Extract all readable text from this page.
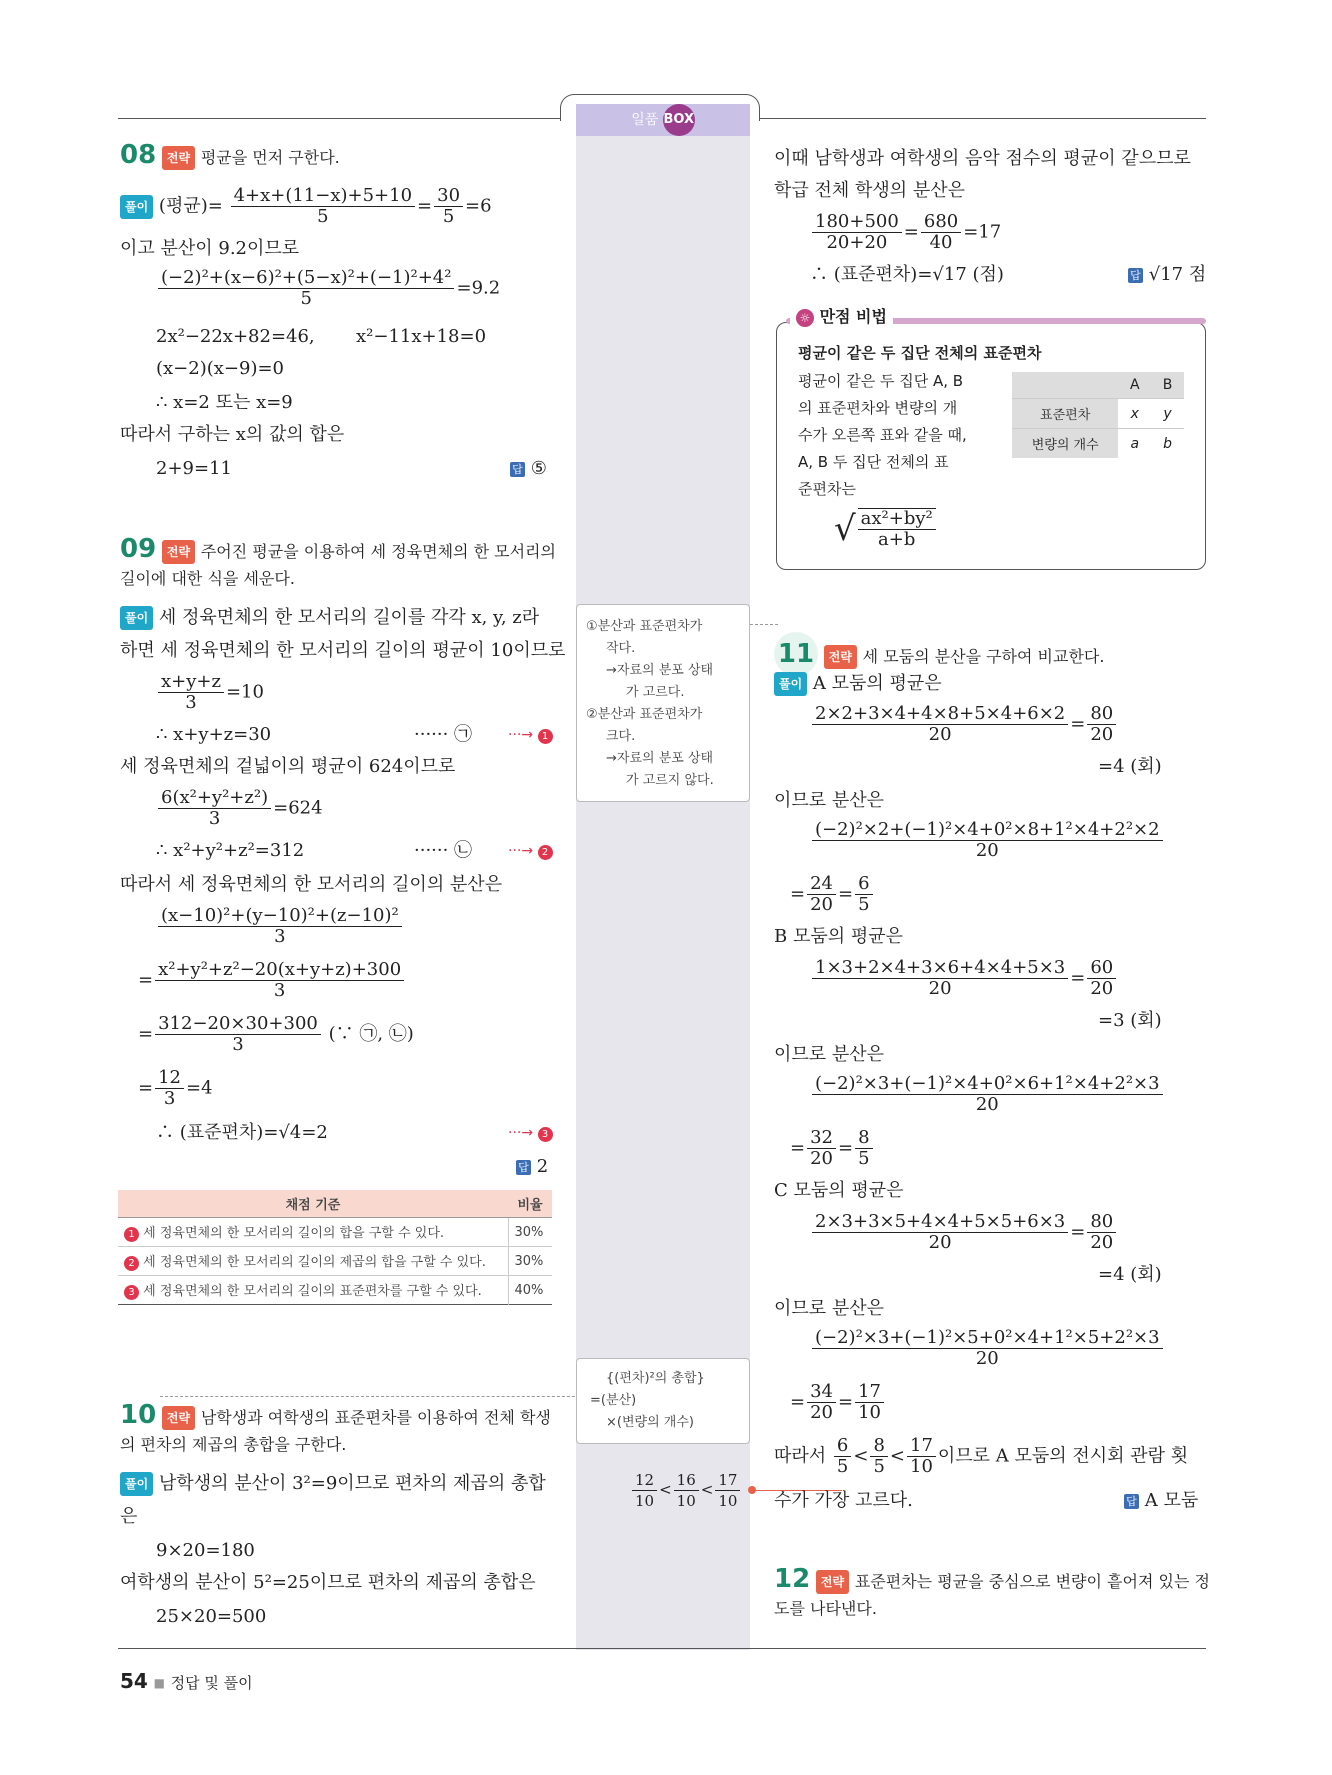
일품 BOX
08 전략 평균을 먼저 구한다.
풀이 (평균)= $\frac{4+x+(11-x)+5+10}{5} = \frac{30}{5} =6$
이고 분산이 9.2이므로
$\frac{\text{(−2)²+(x−6)²+(5−x)²+(−1)²+4²}}{5} =9.2$
2x²−22x+82=46, x²−11x+18=0
(x−2)(x−9)=0
∴ x=2 또는 x=9
따라서 구하는 x의 값의 합은
2+9=11	답 ⑤
09 전략 주어진 평균을 이용하여 세 정육면체의 한 모서리의
길이에 대한 식을 세운다.
풀이 세 정육면체의 한 모서리의 길이를 각각 x, y, z라
하면 세 정육면체의 한 모서리의 길이의 평균이 10이므로
$\frac{x+y+z}{3} =10$
∴ x+y+z=30	······ ㉠	···→ 1
세 정육면체의 겉넓이의 평균이 624이므로
$\frac{\text{6(x²+y²+z²)}}{3} =624$
∴ x²+y²+z²=312	······ ㉡	···→ 2
따라서 세 정육면체의 한 모서리의 길이의 분산은
$\frac{\text{(x−10)²+(y−10)²+(z−10)²}}{3}$
= $\frac{\text{x²+y²+z²−20(x+y+z)+300}}{3}$
= $\frac{312-20\times 30+300}{3}$ (∵ ㉠, ㉡)
= $\frac{12}{3} =4$
∴ (표준편차)=√4=2	···→ 3
답 2
채점 기준	비율
1 세 정육면체의 한 모서리의 길이의 합을 구할 수 있다.	30%
2 세 정육면체의 한 모서리의 길이의 제곱의 합을 구할 수 있다.	30%
3 세 정육면체의 한 모서리의 길이의 표준편차를 구할 수 있다.	40%
10 전략 남학생과 여학생의 표준편차를 이용하여 전체 학생
의 편차의 제곱의 총합을 구한다.
풀이 남학생의 분산이 3²=9이므로 편차의 제곱의 총합
은
9×20=180
여학생의 분산이 5²=25이므로 편차의 제곱의 총합은
25×20=500
이때 남학생과 여학생의 음악 점수의 평균이 같으므로
학급 전체 학생의 분산은
$\frac{180+500}{20+20} = \frac{680}{40} =17$
∴ (표준편차)=√17 (점)	답 √17 점
☼ 만점 비법
평균이 같은 두 집단 전체의 표준편차
평균이 같은 두 집단 A, B
의 표준편차와 변량의 개
수가 오른쪽 표와 같을 때,
A, B 두 집단 전체의 표
준편차는
√ $\frac{\text{ax²+by²}}{a+b}$
	A	B
표준편차	x	y
변량의 개수	a	b
①분산과 표준편차가
작다.
→자료의 분포 상태
가 고르다.
②분산과 표준편차가
크다.
→자료의 분포 상태
가 고르지 않다.
{(편차)²의 총합}
=(분산)
×(변량의 개수)
$\frac{12}{10} < \frac{16}{10} < \frac{17}{10}$
11 전략 세 모둠의 분산을 구하여 비교한다.
풀이 A 모둠의 평균은
$\frac{2\times 2+3\times 4+4\times 8+5\times 4+6\times 2}{20} = \frac{80}{20}$
=4 (회)
이므로 분산은
$\frac{\text{(−2)²×2+(−1)²×4+0²×8+1²×4+2²×2}}{20}$
= $\frac{24}{20} = \frac{6}{5}$
B 모둠의 평균은
$\frac{1\times 3+2\times 4+3\times 6+4\times 4+5\times 3}{20} = \frac{60}{20}$
=3 (회)
이므로 분산은
$\frac{\text{(−2)²×3+(−1)²×4+0²×6+1²×4+2²×3}}{20}$
= $\frac{32}{20} = \frac{8}{5}$
C 모둠의 평균은
$\frac{2\times 3+3\times 5+4\times 4+5\times 5+6\times 3}{20} = \frac{80}{20}$
=4 (회)
이므로 분산은
$\frac{\text{(−2)²×3+(−1)²×5+0²×4+1²×5+2²×3}}{20}$
= $\frac{34}{20} = \frac{17}{10}$
따라서 $\frac{6}{5} < \frac{8}{5} < \frac{17}{10}$ 이므로 A 모둠의 전시회 관람 횟
수가 가장 고르다.	답 A 모둠
12 전략 표준편차는 평균을 중심으로 변량이 흩어져 있는 정
도를 나타낸다.
54 ■ 정답 및 풀이
